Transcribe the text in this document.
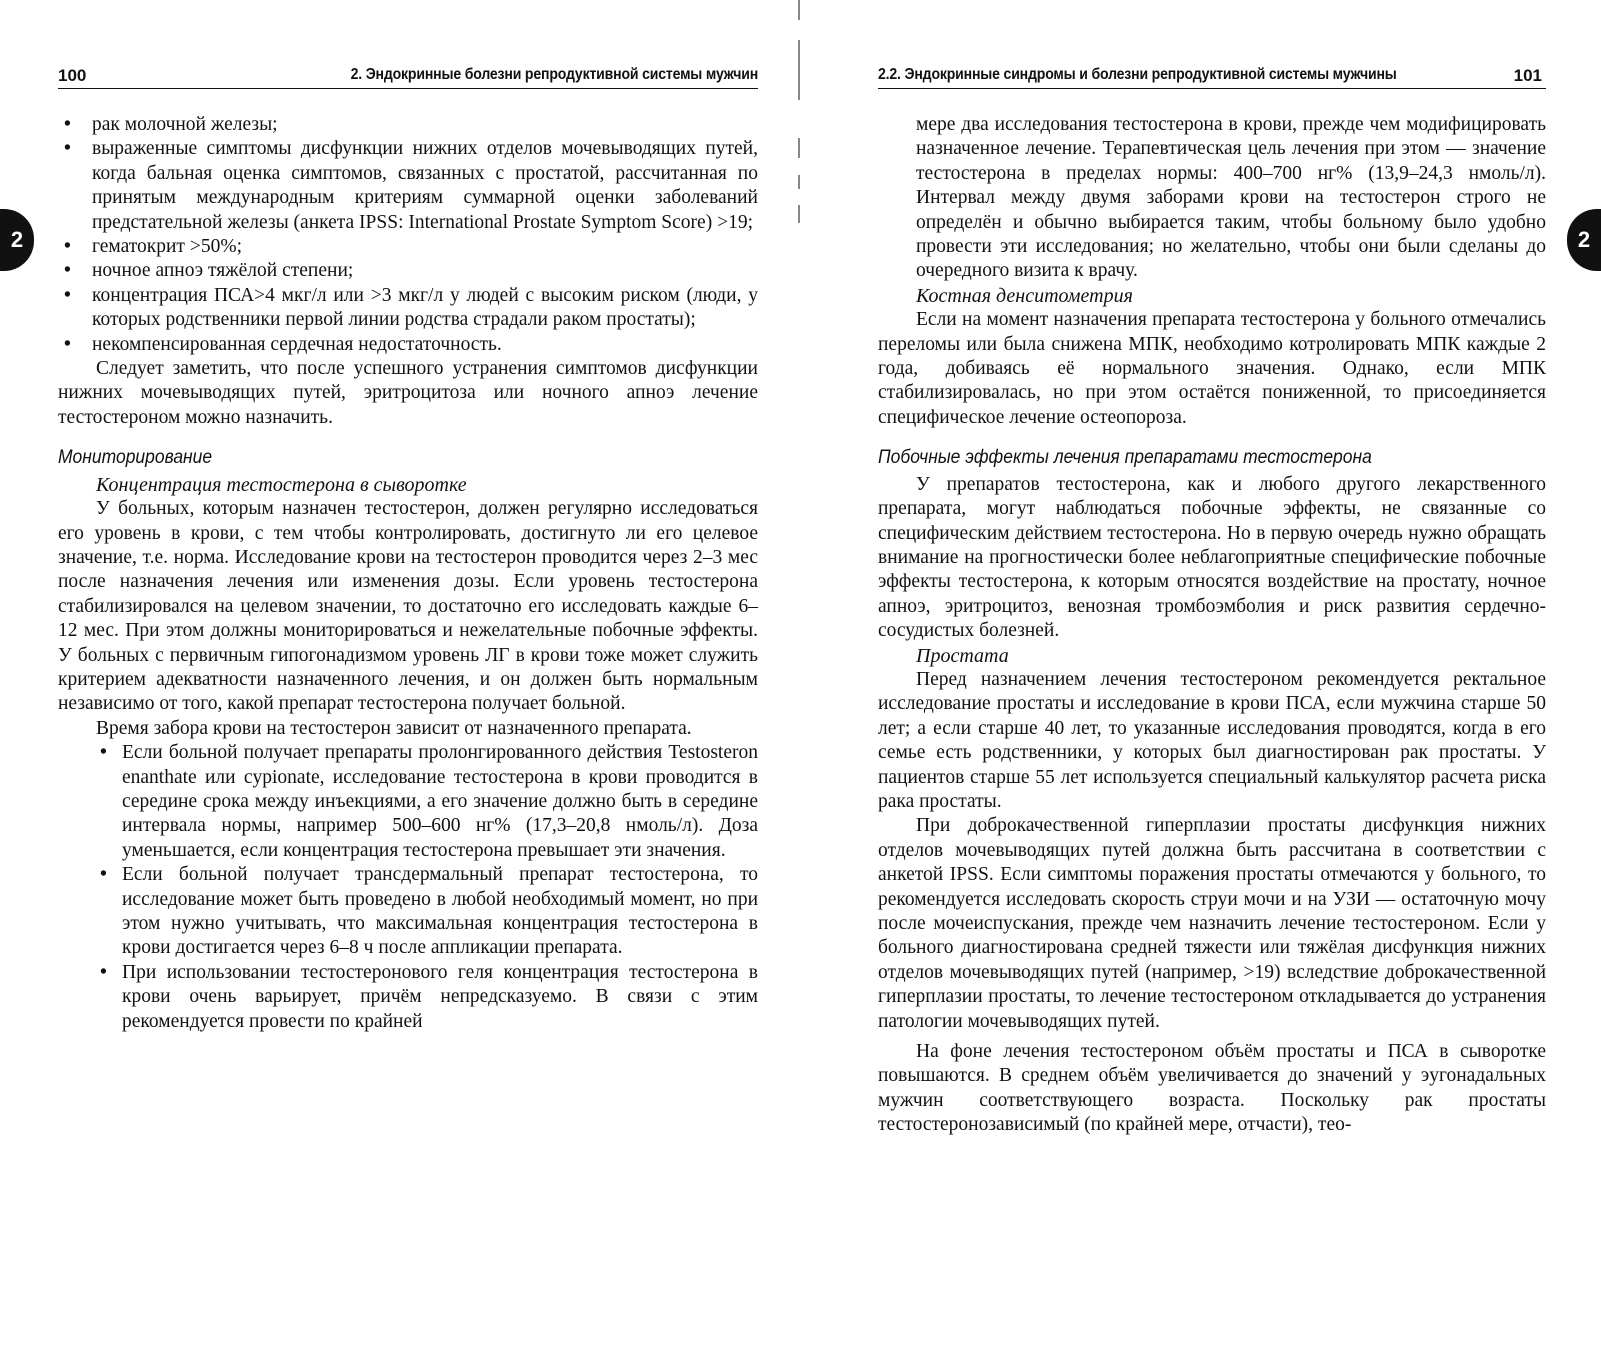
2	2
100	2. Эндокринные болезни репродуктивной системы мужчин
• рак молочной железы;
• выраженные симптомы дисфункции нижних отделов мочевыводящих путей, когда бальная оценка симптомов, связанных с простатой, рассчитанная по принятым международным критериям суммарной оценки заболеваний предстательной железы (анкета IPSS: International Prostate Symptom Score) >19;
• гематокрит >50%;
• ночное апноэ тяжёлой степени;
• концентрация ПСА>4 мкг/л или >3 мкг/л у людей с высоким риском (люди, у которых родственники первой линии родства страдали раком простаты);
• некомпенсированная сердечная недостаточность.

Следует заметить, что после успешного устранения симптомов дисфункции нижних мочевыводящих путей, эритроцитоза или ночного апноэ лечение тестостероном можно назначить.

Мониторирование
Концентрация тестостерона в сыворотке

У больных, которым назначен тестостерон, должен регулярно исследоваться его уровень в крови, с тем чтобы контролировать, достигнуто ли его целевое значение, т.е. норма. Исследование крови на тестостерон проводится через 2–3 мес после назначения лечения или изменения дозы. Если уровень тестостерона стабилизировался на целевом значении, то достаточно его исследовать каждые 6–12 мес. При этом должны мониторироваться и нежелательные побочные эффекты. У больных с первичным гипогонадизмом уровень ЛГ в крови тоже может служить критерием адекватности назначенного лечения, и он должен быть нормальным независимо от того, какой препарат тестостерона получает больной.

Время забора крови на тестостерон зависит от назначенного препарата.

• Если больной получает препараты пролонгированного действия Testosteron enanthate или cypionate, исследование тестостерона в крови проводится в середине срока между инъекциями, а его значение должно быть в середине интервала нормы, например 500–600 нг% (17,3–20,8 нмоль/л). Доза уменьшается, если концентрация тестостерона превышает эти значения.
• Если больной получает трансдермальный препарат тестостерона, то исследование может быть проведено в любой необходимый момент, но при этом нужно учитывать, что максимальная концентрация тестостерона в крови достигается через 6–8 ч после аппликации препарата.
• При использовании тестостеронового геля концентрация тестостерона в крови очень варьирует, причём непредсказуемо. В связи с этим рекомендуется провести по крайней
2.2. Эндокринные синдромы и болезни репродуктивной системы мужчины	101

мере два исследования тестостерона в крови, прежде чем модифицировать назначенное лечение. Терапевтическая цель лечения при этом — значение тестостерона в пределах нормы: 400–700 нг% (13,9–24,3 нмоль/л). Интервал между двумя заборами крови на тестостерон строго не определён и обычно выбирается таким, чтобы больному было удобно провести эти исследования; но желательно, чтобы они были сделаны до очередного визита к врачу.

Костная денситометрия

Если на момент назначения препарата тестостерона у больного отмечались переломы или была снижена МПК, необходимо котролировать МПК каждые 2 года, добиваясь её нормального значения. Однако, если МПК стабилизировалась, но при этом остаётся пониженной, то присоединяется специфическое лечение остеопороза.

Побочные эффекты лечения препаратами тестостерона

У препаратов тестостерона, как и любого другого лекарственного препарата, могут наблюдаться побочные эффекты, не связанные со специфическим действием тестостерона. Но в первую очередь нужно обращать внимание на прогностически более неблагоприятные специфические побочные эффекты тестостерона, к которым относятся воздействие на простату, ночное апноэ, эритроцитоз, венозная тромбоэмболия и риск развития сердечно-сосудистых болезней.

Простата

Перед назначением лечения тестостероном рекомендуется ректальное исследование простаты и исследование в крови ПСА, если мужчина старше 50 лет; а если старше 40 лет, то указанные исследования проводятся, когда в его семье есть родственники, у которых был диагностирован рак простаты. У пациентов старше 55 лет используется специальный калькулятор расчета риска рака простаты.

При доброкачественной гиперплазии простаты дисфункция нижних отделов мочевыводящих путей должна быть рассчитана в соответствии с анкетой IPSS. Если симптомы поражения простаты отмечаются у больного, то рекомендуется исследовать скорость струи мочи и на УЗИ — остаточную мочу после мочеиспускания, прежде чем назначить лечение тестостероном. Если у больного диагностирована средней тяжести или тяжёлая дисфункция нижних отделов мочевыводящих путей (например, >19) вследствие доброкачественной гиперплазии простаты, то лечение тестостероном откладывается до устранения патологии мочевыводящих путей.

На фоне лечения тестостероном объём простаты и ПСА в сыворотке повышаются. В среднем объём увеличивается до значений у эугонадальных мужчин соответствующего возраста. Поскольку рак простаты тестостеронозависимый (по крайней мере, отчасти), тео-
